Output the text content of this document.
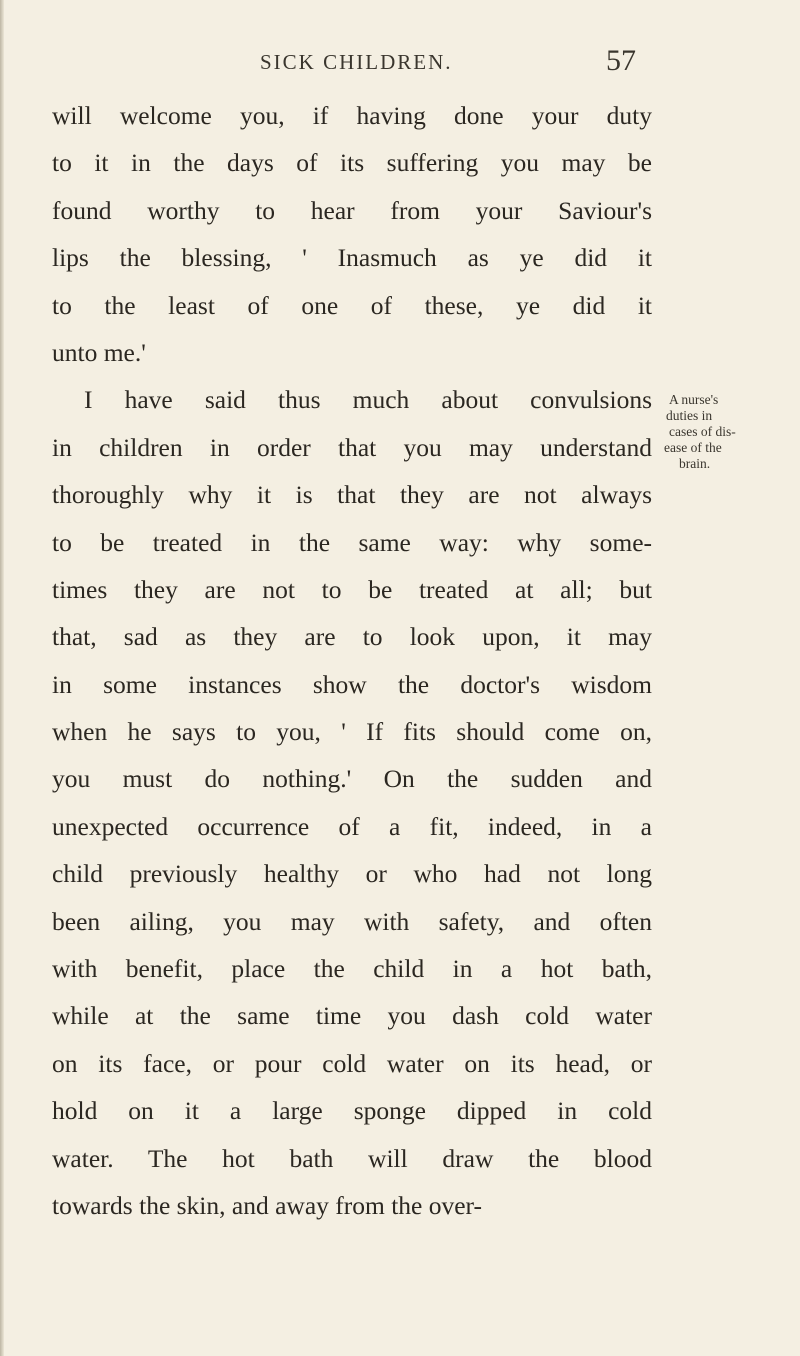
SICK CHILDREN.	57
will welcome you, if having done your duty
to it in the days of its suffering you may be
found worthy to hear from your Saviour's
lips the blessing, ' Inasmuch as ye did it
to the least of one of these, ye did it
unto me.'
I have said thus much about convulsions
in children in order that you may understand
thoroughly why it is that they are not always
to be treated in the same way: why some-
times they are not to be treated at all; but
that, sad as they are to look upon, it may
in some instances show the doctor's wisdom
when he says to you, ' If fits should come on,
you must do nothing.' On the sudden and
unexpected occurrence of a fit, indeed, in a
child previously healthy or who had not long
been ailing, you may with safety, and often
with benefit, place the child in a hot bath,
while at the same time you dash cold water
on its face, or pour cold water on its head, or
hold on it a large sponge dipped in cold
water. The hot bath will draw the blood
towards the skin, and away from the over-
A nurse's
duties in
cases of dis-
ease of the
brain.
